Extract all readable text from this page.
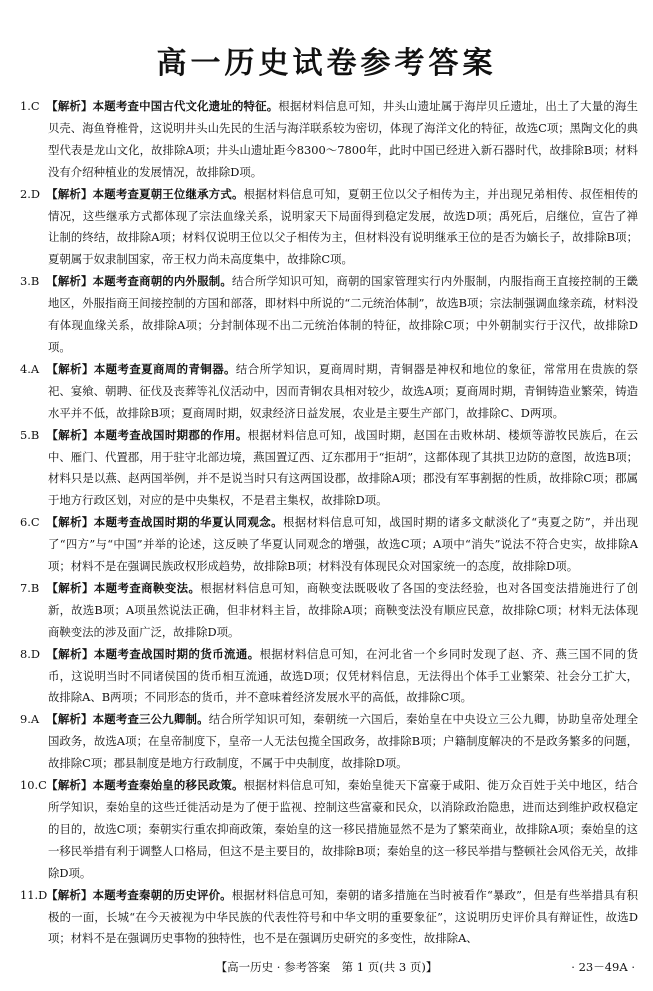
高一历史试卷参考答案
1.C 【解析】本题考查中国古代文化遗址的特征。根据材料信息可知，井头山遗址属于海岸贝丘遗址，出土了大量的海生贝壳、海鱼脊椎骨，这说明井头山先民的生活与海洋联系较为密切，体现了海洋文化的特征，故选C项；黑陶文化的典型代表是龙山文化，故排除A项；井头山遗址距今8300～7800年，此时中国已经进入新石器时代，故排除B项；材料没有介绍种植业的发展情况，故排除D项。
2.D 【解析】本题考查夏朝王位继承方式。根据材料信息可知，夏朝王位以父子相传为主，并出现兄弟相传、叔侄相传的情况，这些继承方式都体现了宗法血缘关系，说明家天下局面得到稳定发展，故选D项；禹死后，启继位，宣告了禅让制的终结，故排除A项；材料仅说明王位以父子相传为主，但材料没有说明继承王位的是否为嫡长子，故排除B项；夏朝属于奴隶制国家，帝王权力尚未高度集中，故排除C项。
3.B 【解析】本题考查商朝的内外服制。结合所学知识可知，商朝的国家管理实行内外服制，内服指商王直接控制的王畿地区，外服指商王间接控制的方国和部落，即材料中所说的“二元统治体制”，故选B项；宗法制强调血缘亲疏，材料没有体现血缘关系，故排除A项；分封制体现不出二元统治体制的特征，故排除C项；中外朝制实行于汉代，故排除D项。
4.A 【解析】本题考查夏商周的青铜器。结合所学知识，夏商周时期，青铜器是神权和地位的象征，常常用在贵族的祭祀、宴飨、朝聘、征伐及丧葬等礼仪活动中，因而青铜农具相对较少，故选A项；夏商周时期，青铜铸造业繁荣，铸造水平并不低，故排除B项；夏商周时期，奴隶经济日益发展，农业是主要生产部门，故排除C、D两项。
5.B 【解析】本题考查战国时期郡的作用。根据材料信息可知，战国时期，赵国在击败林胡、楼烦等游牧民族后，在云中、雁门、代置郡，用于驻守北部边境，燕国置辽西、辽东郡用于“拒胡”，这都体现了其拱卫边防的意图，故选B项；材料只是以燕、赵两国举例，并不是说当时只有这两国设郡，故排除A项；郡没有军事割据的性质，故排除C项；郡属于地方行政区划，对应的是中央集权，不是君主集权，故排除D项。
6.C 【解析】本题考查战国时期的华夏认同观念。根据材料信息可知，战国时期的诸多文献淡化了“夷夏之防”，并出现了“四方”与“中国”并举的论述，这反映了华夏认同观念的增强，故选C项；A项中“消失”说法不符合史实，故排除A项；材料不是在强调民族政权形成趋势，故排除B项；材料没有体现民众对国家统一的态度，故排除D项。
7.B 【解析】本题考查商鞅变法。根据材料信息可知，商鞅变法既吸收了各国的变法经验，也对各国变法措施进行了创新，故选B项；A项虽然说法正确，但非材料主旨，故排除A项；商鞅变法没有顺应民意，故排除C项；材料无法体现商鞅变法的涉及面广泛，故排除D项。
8.D 【解析】本题考查战国时期的货币流通。根据材料信息可知，在河北省一个乡同时发现了赵、齐、燕三国不同的货币，这说明当时不同诸侯国的货币相互流通，故选D项；仅凭材料信息，无法得出个体手工业繁荣、社会分工扩大，故排除A、B两项；不同形态的货币，并不意味着经济发展水平的高低，故排除C项。
9.A 【解析】本题考查三公九卿制。结合所学知识可知，秦朝统一六国后，秦始皇在中央设立三公九卿，协助皇帝处理全国政务，故选A项；在皇帝制度下，皇帝一人无法包揽全国政务，故排除B项；户籍制度解决的不是政务繁多的问题，故排除C项；郡县制度是地方行政制度，不属于中央制度，故排除D项。
10.C【解析】本题考查秦始皇的移民政策。根据材料信息可知，秦始皇徙天下富豪于咸阳、徙万众百姓于关中地区，结合所学知识，秦始皇的这些迁徙活动是为了便于监视、控制这些富豪和民众，以消除政治隐患，进而达到维护政权稳定的目的，故选C项；秦朝实行重农抑商政策，秦始皇的这一移民措施显然不是为了繁荣商业，故排除A项；秦始皇的这一移民举措有利于调整人口格局，但这不是主要目的，故排除B项；秦始皇的这一移民举措与整顿社会风俗无关，故排除D项。
11.D【解析】本题考查秦朝的历史评价。根据材料信息可知，秦朝的诸多措施在当时被看作“暴政”，但是有些举措具有积极的一面，长城“在今天被视为中华民族的代表性符号和中华文明的重要象征”，这说明历史评价具有辩证性，故选D项；材料不是在强调历史事物的独特性，也不是在强调历史研究的多变性，故排除A、
【高一历史 · 参考答案　第 1 页(共 3 页)】	· 23－49A ·
